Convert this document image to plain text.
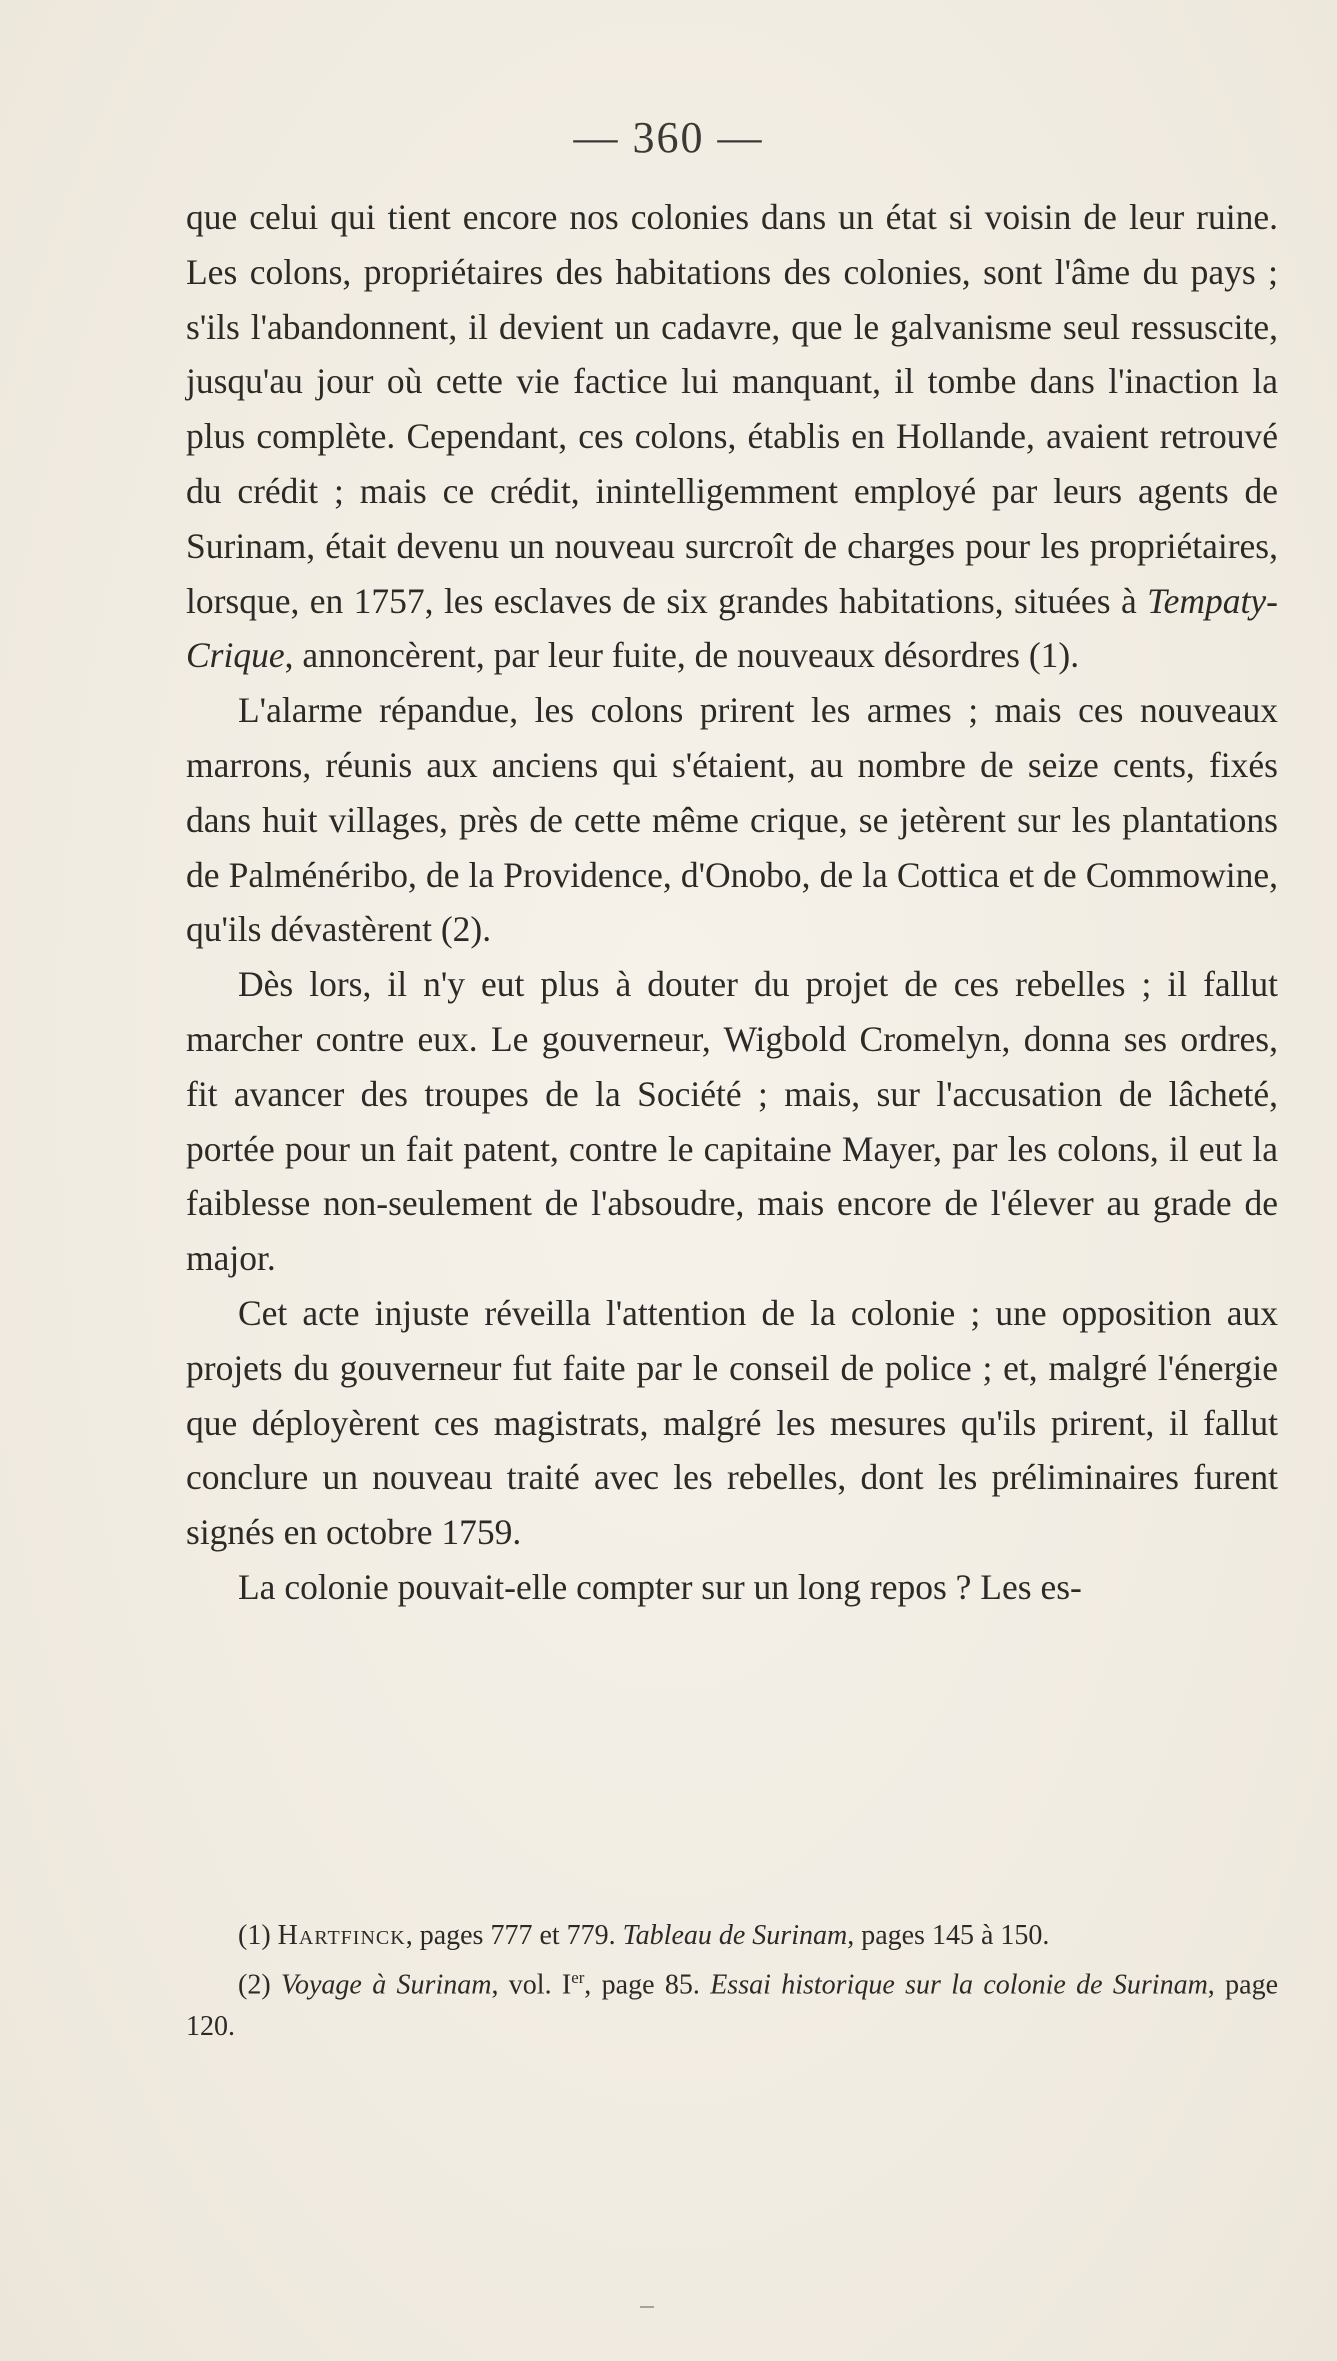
— 360 —

que celui qui tient encore nos colonies dans un état si voisin de leur ruine. Les colons, propriétaires des habitations des colonies, sont l'âme du pays ; s'ils l'abandonnent, il devient un cadavre, que le galvanisme seul ressuscite, jusqu'au jour où cette vie factice lui manquant, il tombe dans l'inaction la plus complète. Cependant, ces colons, établis en Hollande, avaient retrouvé du crédit ; mais ce crédit, inintelligemment employé par leurs agents de Surinam, était devenu un nouveau surcroît de charges pour les propriétaires, lorsque, en 1757, les esclaves de six grandes habitations, situées à Tempaty-Crique, annoncèrent, par leur fuite, de nouveaux désordres (1).

L'alarme répandue, les colons prirent les armes ; mais ces nouveaux marrons, réunis aux anciens qui s'étaient, au nombre de seize cents, fixés dans huit villages, près de cette même crique, se jetèrent sur les plantations de Palménéribo, de la Providence, d'Onobo, de la Cottica et de Commowine, qu'ils dévastèrent (2).

Dès lors, il n'y eut plus à douter du projet de ces rebelles ; il fallut marcher contre eux. Le gouverneur, Wigbold Cromelyn, donna ses ordres, fit avancer des troupes de la Société ; mais, sur l'accusation de lâcheté, portée pour un fait patent, contre le capitaine Mayer, par les colons, il eut la faiblesse non-seulement de l'absoudre, mais encore de l'élever au grade de major.

Cet acte injuste réveilla l'attention de la colonie ; une opposition aux projets du gouverneur fut faite par le conseil de police ; et, malgré l'énergie que déployèrent ces magistrats, malgré les mesures qu'ils prirent, il fallut conclure un nouveau traité avec les rebelles, dont les préliminaires furent signés en octobre 1759.

La colonie pouvait-elle compter sur un long repos ? Les es-

(1) Hartfinck, pages 777 et 779. Tableau de Surinam, pages 145 à 150.

(2) Voyage à Surinam, vol. Ier, page 85. Essai historique sur la colonie de Surinam, page 120.
